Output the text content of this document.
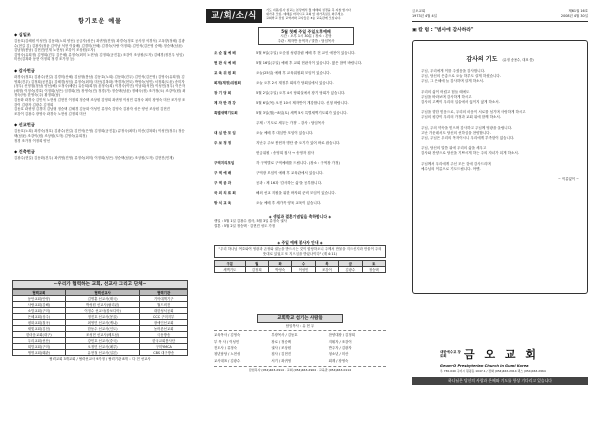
항기로운 예물
◆ 십일조
김동호(김혜원 이성민) 김동화(노희 양선) 공금자(성은) 곽귀영(진영) 곽경숙(정호 공사정 석경석) 고옥향(정혜) 김광수(현길 김) 김광자(정윤 김이남 석현 이율배) 김경미(산혜) 김경숙(사랑 이정희) 김민석(김은영 승택) 정승택(남윤) 김남형(봉남) 김현진(민재 노현성) 조강이 조상원(도자)
김영숙(유희정) 김영희(건우 김은혜) 류정숙(최미 노현성) 김정희(공진흥) 조강이 조상원(도자) 김혜경(정건우 성임) 미산(김복화 동현 이정희 정경 조가정 등)
◆ 감사헌금
곽경숙(정호) 김광수(현길) 김경미(산혜) 김남형(봉남) 김동호(노희) 김동화(건우) 김민석(김은영) 김영숙(유희정) 김영희(건우) 김정희(공진흥) 김혜경(성임) 류정숙(최미) 미산(김복화) 박경자(현모) 박영숙(성민) 서정희(도윤) 송미자(정우) 신영철(정남) 양선(해) 오정숙(혜란) 유승희(희정) 윤정숙(희) 이경숙(이민) 이남희(석현) 이성민(정우) 이은자(혜정) 이정숙(경호) 이정희(성은) 임경희(현) 장영숙(진) 정경(가) 정승택(남윤) 정혜숙(정) 조가정(오) 조강이(원) 최정숙(아) 한영숙(주) 황정희(남)
김동화 곽경숙 김민석 노현성 김현진 이정희 정승택 조상원 김영희 곽귀영 이성민 류정숙 최미 장영숙 미산 조가정 조강이 김광자 김광수 김정희
김동호 곽귀영 김경미 김남형 정승택 김혜경 김동화 이성민 류정숙 김영숙 김광자 성은 양선 조상원 김현진
조강이 김광수 장영숙 곽경숙 노현성 김정희 미산
◆ 선교헌금
김동호(노희) 곽경숙(정호) 김광수(현길) 김민석(은영) 김정희(공진흥) 류정숙(최미) 미산(김복화) 이성민(정우) 정승택(남윤) 조강이(원) 조상원(도자) 김영숙(유희정)
정경 조가정 이정희 양선
◆ 건축헌금
김광수(현길) 김동화(건우) 곽귀영(진영) 류정숙(최미) 이정희(성은) 정승택(남윤) 조상원(도자) 김현진(민재)
~우리가 협력하는 교회, 선교사 그리고 단체~
협력교회	협력선교사	협력기관
동안교회(안양)	김명훈 선교사(태국)	기아대책기구
사랑교회(김해)	박성원 선교사(필리핀)	월드비전
소망교회(구미)	이정수 선교사(캄보디아)	대한성서공회
은혜교회(상주)	정진호 선교사(몽골)	CCC 구미지부
평화교회(칠곡)	최영민 선교사(케냐)	장애인선교회
새빛교회(김천)	한동수 선교사(인도)	농어촌선교회
한마음교회(대구)	조성현 선교사(베트남)	극동방송
우리교회(선산)	강민호 선교사(중국)	한국교회봉사단
희망교회(구미)	오정민 선교사(페루)	구미YMCA
생명교회(왜관)	유현철 선교사(일본)	CBS 대구방송
협력교회 3개교회 / 협력선교사 9가정 / 협력기관 8개 ∴ 다 전 선교사
교/회/소/식
기도 지원/봉사 설교는 본당에서 월 예배의 성경을 꼭 지참 합시다
새가족 모임, 예배를 마치시고 교회 앞 새가족실로 와주세요.
교회학교 전임 교역자와 교사들은 3층 교육관에 모입니다.
5월 첫째 주일 주일오후예배
시간 : 오후 1시 30분 / 장소 : 본당
주관 : 제자반 동역자 / 말씀 : 담임목사
오 순 절 예 배	5월 9일(주일) 오순절 성령강림 예배 후 전 교인 애찬이 있습니다.
현 판 식 예 배	5월 16일(주일) 예배 후 교회 현판식이 있습니다. 많은 참여 바랍니다.
교 육 위 원 회	오늘(25일) 예배 후 교육위원회 모임이 있습니다.
회계(재정)위원회	오늘 오후 2시 재정부 회의가 당회실에서 있습니다.
장 기 당 회	5월 2일(주일) 오후 4시 당회실에서 장기 당회가 있습니다.
제 자 반 개 강	5월 6일(목) 오전 10시 제자반이 개강합니다. 신청 바랍니다.
특별새벽기도회	5월 3일(월)~8일(토) 새벽 5시 특별새벽기도회가 있습니다.
주제 : '기도로 세우는 가정' - 강사 : 담임목사
대 심 반 모 임	오늘 예배 후 대심반 모임이 있습니다.
주 보 정 정	지난주 주보 봉헌자 명단 중 오기가 있어 바로 잡습니다.
헌금위원 : 송영희 집사 → 송영자 집사
구역지리모임	각 구역별로 구역예배를 드립니다. (장소 : 구역장 가정)
구 역 예 배	구역장 모임이 예배 후 교육관에서 있습니다.
구 역 공 과	공과 : 제 16과 '감사하는 삶'을 공부합니다.
국 외 치 료 회	해외 선교 지원을 위한 바자회 준비 모임이 있습니다.
방 식 교 육	오늘 예배 후 새가족 양육 교육이 있습니다.
◈ 생일과 결혼기념일을 축하합니다 ◈
생일 : 5월 1일 김광수 집사, 5월 3일 류정숙 권사
결혼 : 5월 2일 정승택 · 김현진 성도 가정
◈ 주일 예배 봉사자 안내 ◈
"우리 하나님 여호와여 영광과 존귀와 권능을 받으시는 것이 합당하오니 주께서 만물을 지으신지라 만물이 주의 뜻대로 있었고 또 지으심을 받았나이다" (계 4:11)
구분	월	화	수	목	금	토
새벽기도	김정희	박영숙	이성민	조강이	김광수	정승택
교회학교 섬기는 사람들
담임목사 : 유 현 우
교육목사 / 김영숙	부장목사 / 김동호	찬양대장 / 김정희
부 목 사 / 이성민	장로 / 정승택	지휘자 / 조강이
전도사 / 류정숙	권사 / 조상원	반주자 / 김광자
청년담당 / 노현성	집사 / 김현진	청소년 / 미산
교사대표 / 김광수	서기 / 곽귀영	회계 / 장영숙
담임목사 (054)463-2914 · 교회 (054)463-2964 · 교육관 (054)463-0114
금오교회
1973년 4월 4일
제61권 16호
2008년 4월 30일
▣ 칼 럼 : "범사에 감사하라"
감사의 기도 (유정 송용수, 대표 씀)
주님, 우리에게 이를 주셨음을 감사합니다.
주님, 당신의 은총으로 오늘 하루도 살게 하셨습니다.
주님, 그 은혜에 늘 감사하며 살게 하소서.
우리의 삶이 어렵고 힘들 때에도
주님을 바라보며 감사하게 하시고
감사의 고백이 우리의 입술에서 끊이지 않게 하소서.
주님을 향한 믿음으로, 우리의 마음이 서로를 섬기며 사랑하게 하시고
주님의 평강이 우리의 가정과 교회 위에 함께 하소서.
주님, 주의 약속을 믿으며 감사하고 주님께 영광을 올립니다.
고난 가운데서도 당신의 선하심을 찬양합니다.
주님, 주님은 우리의 목자이시니 우리에게 부족함이 없습니다.
주님, 당신의 말씀 위에 우리의 삶을 세우고
감사와 찬양으로 당신을 기쁘시게 하는 주의 자녀가 되게 하소서.
주님께서 우리에게 주신 모든 것에 감사드리며
예수님의 이름으로 기도드립니다. 아멘.
~ 이름없이 ~
대한예수교 장로회	금 오 교 회
Geum-O Presbyterian Church in Gumi Korea
우 730-040 구미시 원평동 1047-1 / 전화 (054)463-2914 팩스 (054)463-2964
하나님은 당신의 사랑과 은혜와 기도를 항상 기다리고 있습니다
